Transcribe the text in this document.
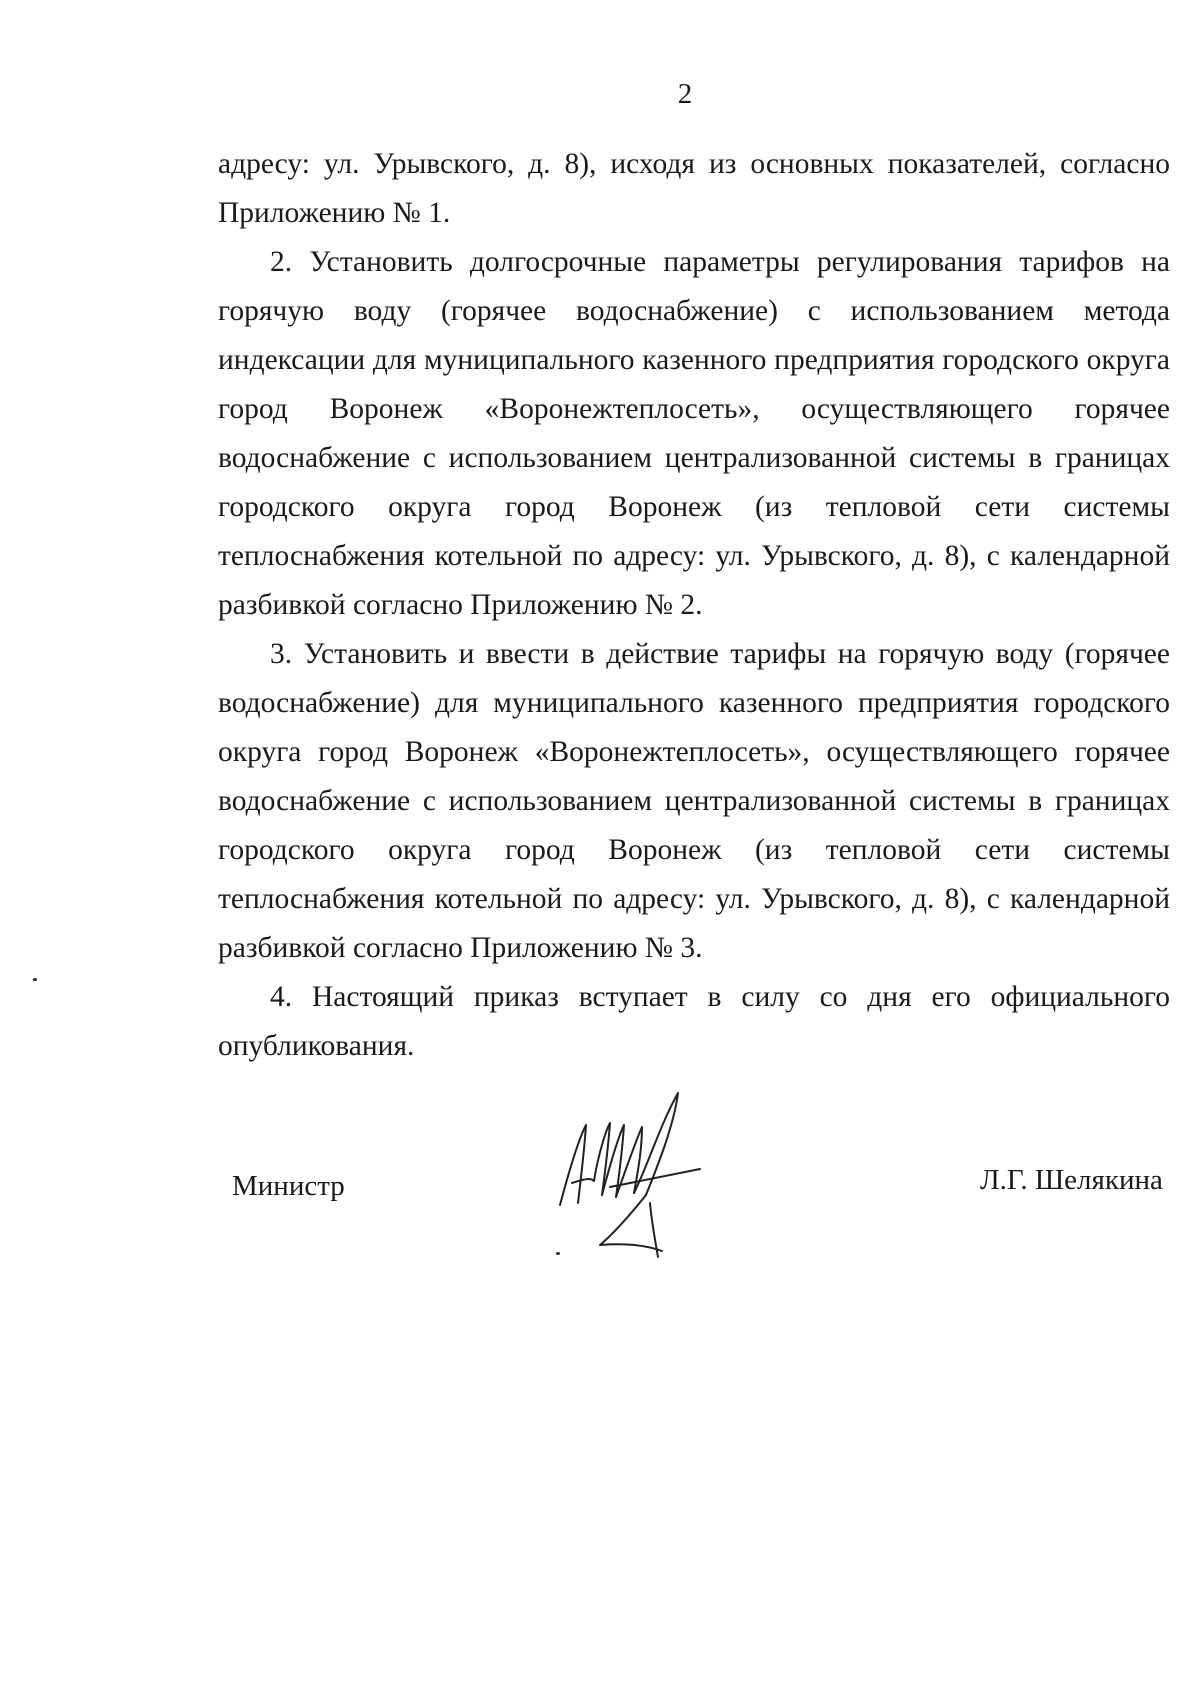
2

адресу: ул. Урывского, д. 8), исходя из основных показателей, согласно Приложению № 1.

2. Установить долгосрочные параметры регулирования тарифов на горячую воду (горячее водоснабжение) с использованием метода индексации для муниципального казенного предприятия городского округа город Воронеж «Воронежтеплосеть», осуществляющего горячее водоснабжение с использованием централизованной системы в границах городского округа город Воронеж (из тепловой сети системы теплоснабжения котельной по адресу: ул. Урывского, д. 8), с календарной разбивкой согласно Приложению № 2.

3. Установить и ввести в действие тарифы на горячую воду (горячее водоснабжение) для муниципального казенного предприятия городского округа город Воронеж «Воронежтеплосеть», осуществляющего горячее водоснабжение с использованием централизованной системы в границах городского округа город Воронеж (из тепловой сети системы теплоснабжения котельной по адресу: ул. Урывского, д. 8), с календарной разбивкой согласно Приложению № 3.

4. Настоящий приказ вступает в силу со дня его официального опубликования.

Министр	Л.Г. Шелякина
